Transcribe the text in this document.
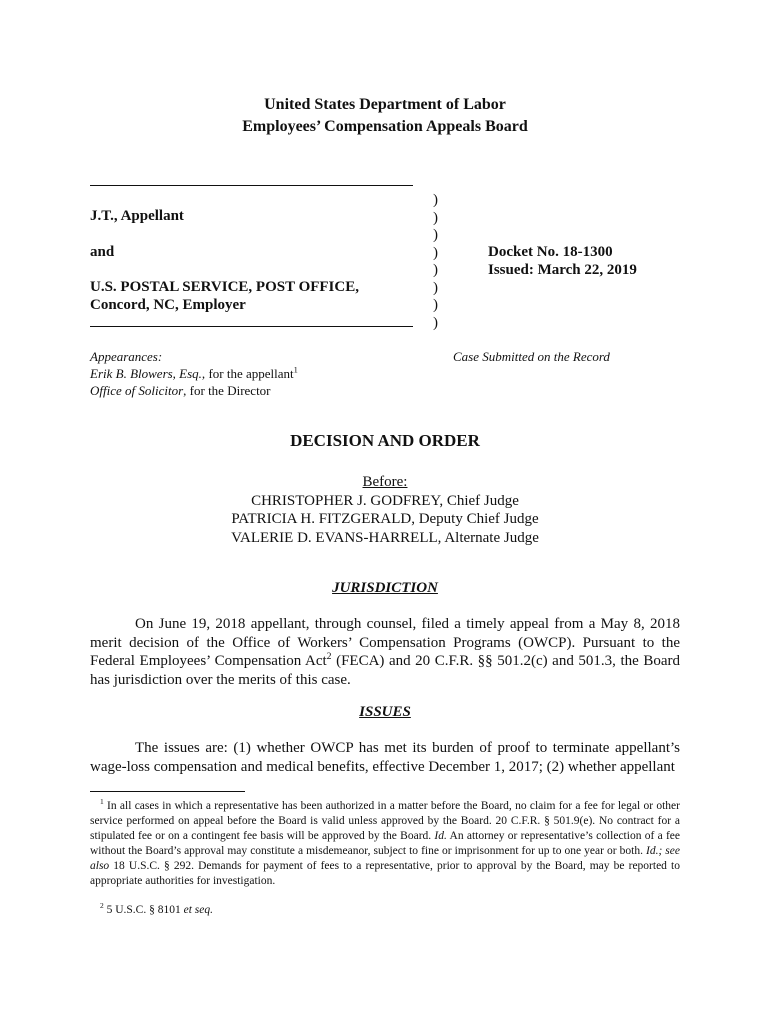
United States Department of Labor
Employees’ Compensation Appeals Board
J.T., Appellant
and
U.S. POSTAL SERVICE, POST OFFICE,
Concord, NC, Employer
)
)
)
)
)
)
)
)
Docket No. 18-1300
Issued: March 22, 2019
Appearances:
Erik B. Blowers, Esq., for the appellant$^1$
Office of Solicitor, for the Director
Case Submitted on the Record
DECISION AND ORDER
Before:
CHRISTOPHER J. GODFREY, Chief Judge
PATRICIA H. FITZGERALD, Deputy Chief Judge
VALERIE D. EVANS-HARRELL, Alternate Judge
JURISDICTION
On June 19, 2018 appellant, through counsel, filed a timely appeal from a May 8, 2018 merit decision of the Office of Workers’ Compensation Programs (OWCP). Pursuant to the Federal Employees’ Compensation Act$^2$ (FECA) and 20 C.F.R. §§ 501.2(c) and 501.3, the Board has jurisdiction over the merits of this case.
ISSUES
The issues are: (1) whether OWCP has met its burden of proof to terminate appellant’s wage-loss compensation and medical benefits, effective December 1, 2017; (2) whether appellant
$^1$ In all cases in which a representative has been authorized in a matter before the Board, no claim for a fee for legal or other service performed on appeal before the Board is valid unless approved by the Board. 20 C.F.R. § 501.9(e). No contract for a stipulated fee or on a contingent fee basis will be approved by the Board. Id. An attorney or representative’s collection of a fee without the Board’s approval may constitute a misdemeanor, subject to fine or imprisonment for up to one year or both. Id.; see also 18 U.S.C. § 292. Demands for payment of fees to a representative, prior to approval by the Board, may be reported to appropriate authorities for investigation.
$^2$ 5 U.S.C. § 8101 et seq.
